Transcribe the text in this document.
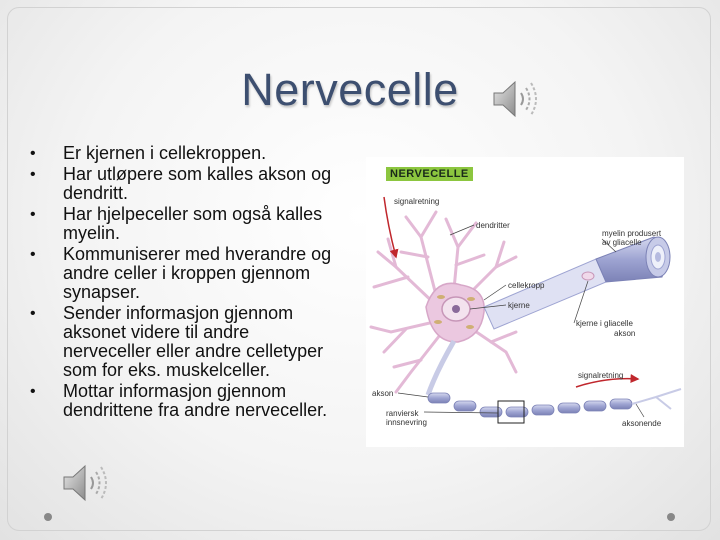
Nervecelle
• Er kjernen i cellekroppen.
• Har utløpere som kalles akson og dendritt.
• Har hjelpeceller som også kalles myelin.
• Kommuniserer med hverandre og andre celler i kroppen gjennom synapser.
• Sender informasjon gjennom aksonet videre til andre nerveceller eller andre celletyper som for eks. muskelceller.
• Mottar informasjon gjennom dendrittene fra andre nerveceller.
NERVECELLE
signalretning
dendritter
myelin produsert
av gliacelle
cellekropp
kjerne
kjerne i gliacelle
akson
akson
signalretning
ranviersk
innsnevring	aksonende
